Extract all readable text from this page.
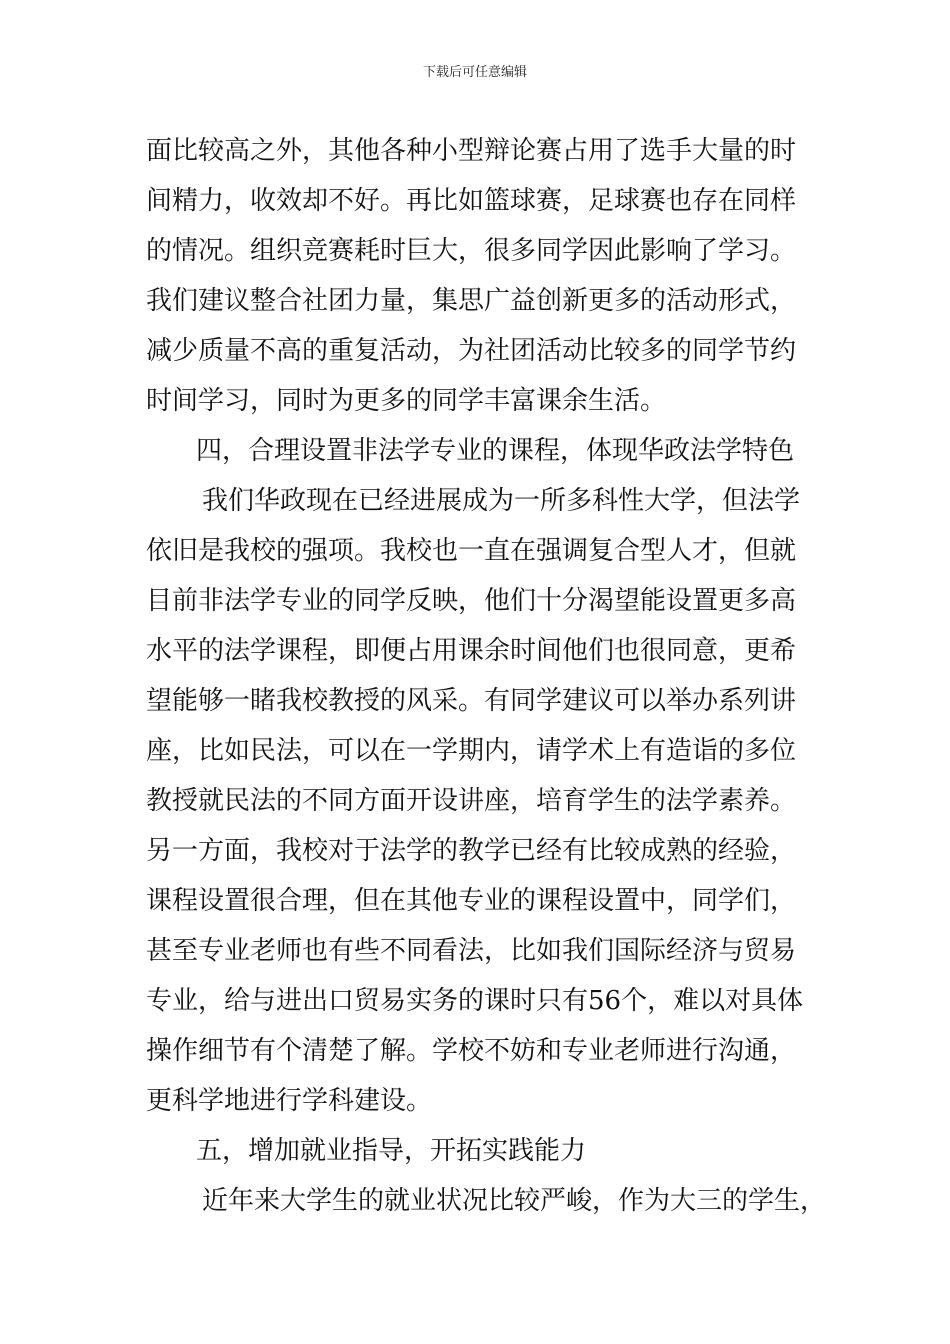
下载后可任意编辑
面比较高之外，其他各种小型辩论赛占用了选手大量的时
间精力，收效却不好。再比如篮球赛，足球赛也存在同样
的情况。组织竞赛耗时巨大，很多同学因此影响了学习。
我们建议整合社团力量，集思广益创新更多的活动形式，
减少质量不高的重复活动，为社团活动比较多的同学节约
时间学习，同时为更多的同学丰富课余生活。
四，合理设置非法学专业的课程，体现华政法学特色
我们华政现在已经进展成为一所多科性大学，但法学
依旧是我校的强项。我校也一直在强调复合型人才，但就
目前非法学专业的同学反映，他们十分渴望能设置更多高
水平的法学课程，即便占用课余时间他们也很同意，更希
望能够一睹我校教授的风采。有同学建议可以举办系列讲
座，比如民法，可以在一学期内，请学术上有造诣的多位
教授就民法的不同方面开设讲座，培育学生的法学素养。
另一方面，我校对于法学的教学已经有比较成熟的经验，
课程设置很合理，但在其他专业的课程设置中，同学们，
甚至专业老师也有些不同看法，比如我们国际经济与贸易
专业，给与进出口贸易实务的课时只有56个，难以对具体
操作细节有个清楚了解。学校不妨和专业老师进行沟通，
更科学地进行学科建设。
五，增加就业指导，开拓实践能力
近年来大学生的就业状况比较严峻，作为大三的学生，
